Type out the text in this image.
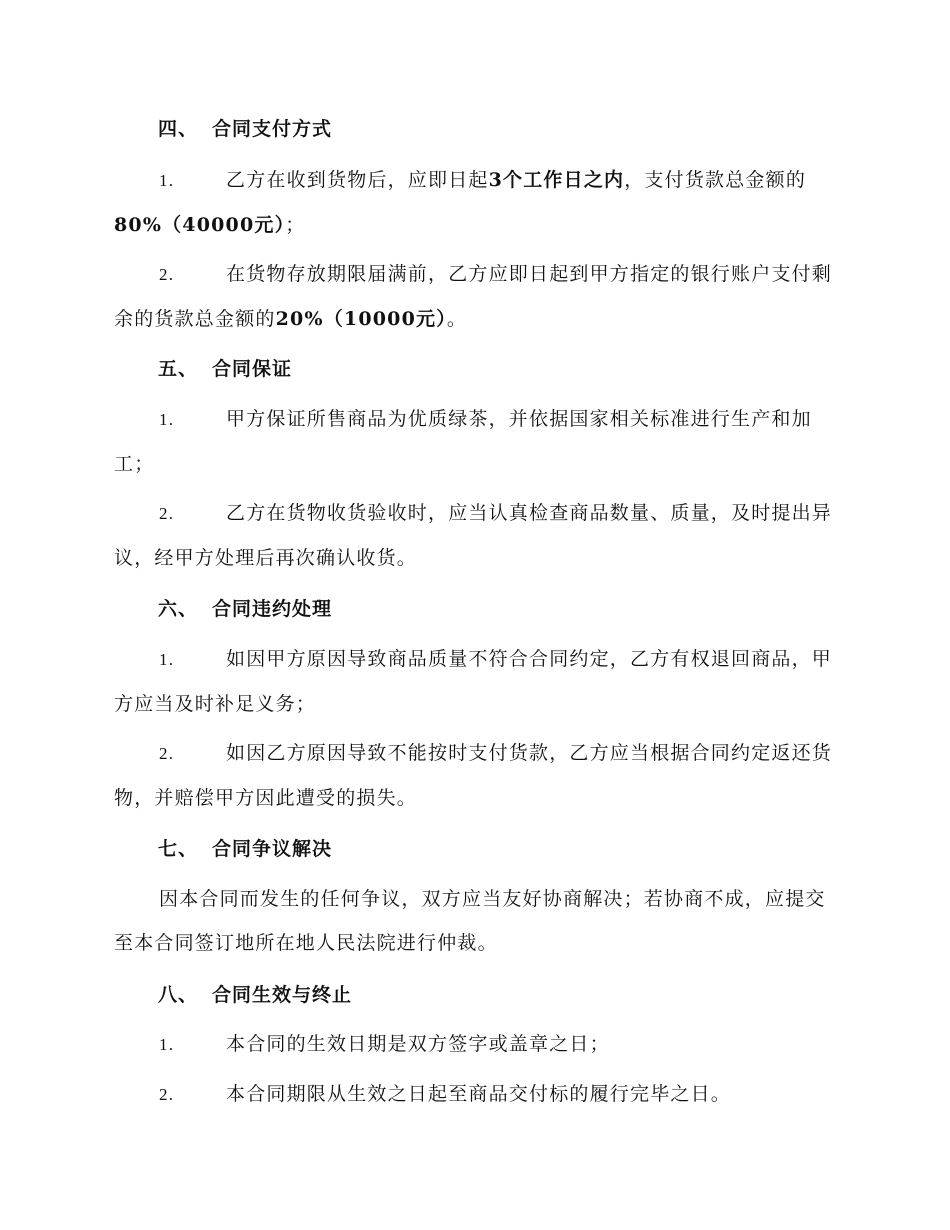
四、 合同支付方式
1.	乙方在收到货物后，应即日起3个工作日之内，支付货款总金额的80%（40000元）；
2.	在货物存放期限届满前，乙方应即日起到甲方指定的银行账户支付剩余的货款总金额的20%（10000元）。
五、 合同保证
1.	甲方保证所售商品为优质绿茶，并依据国家相关标准进行生产和加工；
2.	乙方在货物收货验收时，应当认真检查商品数量、质量，及时提出异议，经甲方处理后再次确认收货。
六、 合同违约处理
1.	如因甲方原因导致商品质量不符合合同约定，乙方有权退回商品，甲方应当及时补足义务；
2.	如因乙方原因导致不能按时支付货款，乙方应当根据合同约定返还货物，并赔偿甲方因此遭受的损失。
七、 合同争议解决
因本合同而发生的任何争议，双方应当友好协商解决；若协商不成，应提交至本合同签订地所在地人民法院进行仲裁。
八、 合同生效与终止
1.	本合同的生效日期是双方签字或盖章之日；
2.	本合同期限从生效之日起至商品交付标的履行完毕之日。
